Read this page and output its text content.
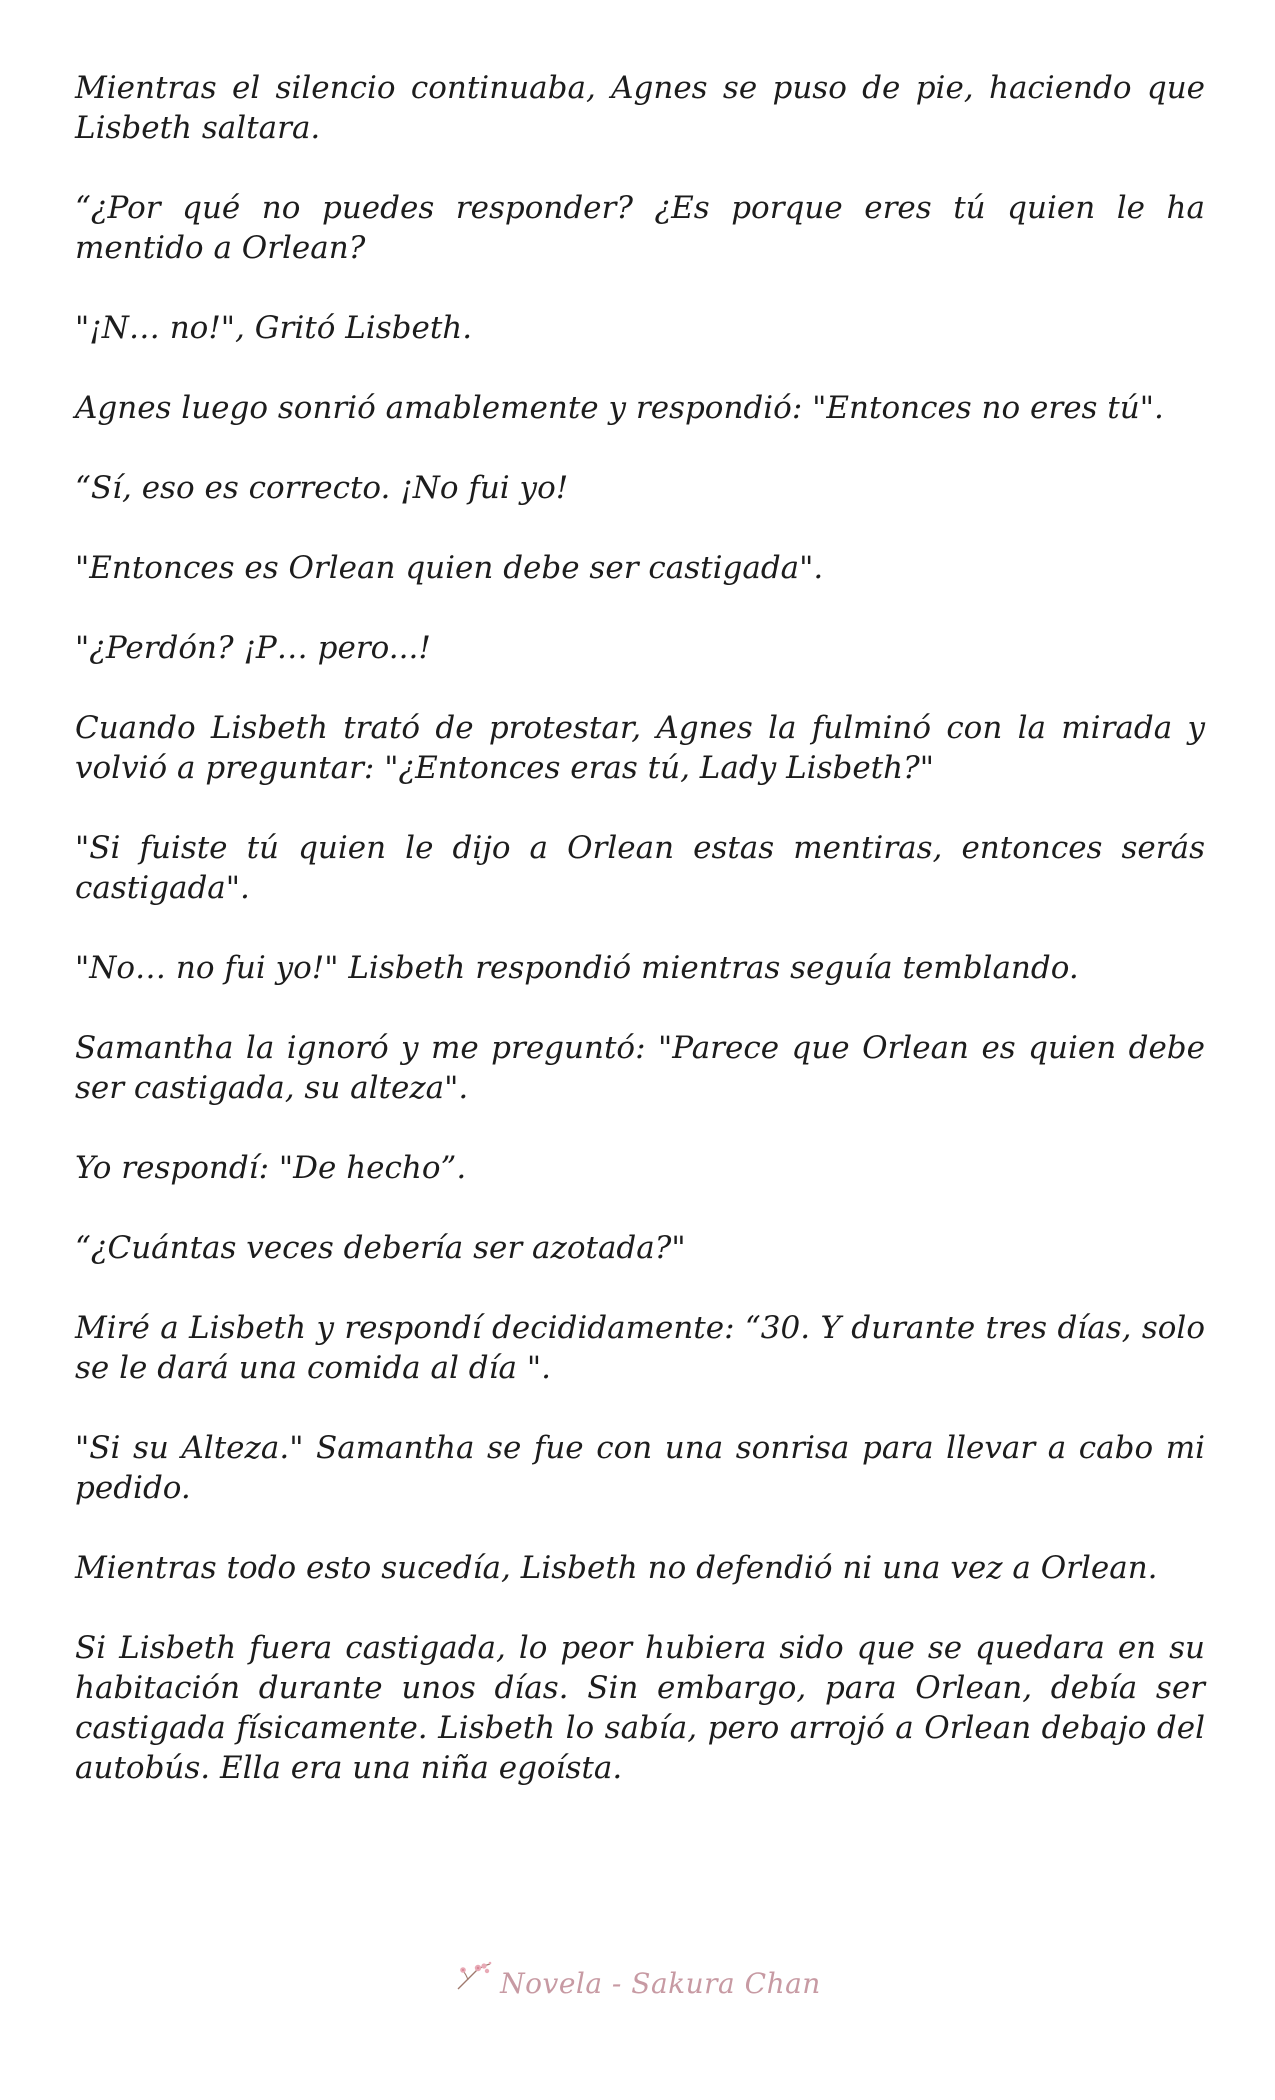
Mientras el silencio continuaba, Agnes se puso de pie, haciendo que Lisbeth saltara.

“¿Por qué no puedes responder? ¿Es porque eres tú quien le ha mentido a Orlean?

"¡N… no!", Gritó Lisbeth.

Agnes luego sonrió amablemente y respondió: "Entonces no eres tú".

“Sí, eso es correcto. ¡No fui yo!

"Entonces es Orlean quien debe ser castigada".

"¿Perdón? ¡P… pero...!

Cuando Lisbeth trató de protestar, Agnes la fulminó con la mirada y volvió a preguntar: "¿Entonces eras tú, Lady Lisbeth?"

"Si fuiste tú quien le dijo a Orlean estas mentiras, entonces serás castigada".

"No… no fui yo!" Lisbeth respondió mientras seguía temblando.

Samantha la ignoró y me preguntó: "Parece que Orlean es quien debe ser castigada, su alteza".

Yo respondí: "De hecho”.

“¿Cuántas veces debería ser azotada?"

Miré a Lisbeth y respondí decididamente: “30. Y durante tres días, solo se le dará una comida al día ".

"Si su Alteza." Samantha se fue con una sonrisa para llevar a cabo mi pedido.

Mientras todo esto sucedía, Lisbeth no defendió ni una vez a Orlean.

Si Lisbeth fuera castigada, lo peor hubiera sido que se quedara en su habitación durante unos días. Sin embargo, para Orlean, debía ser castigada físicamente. Lisbeth lo sabía, pero arrojó a Orlean debajo del autobús. Ella era una niña egoísta.

Novela - Sakura Chan
